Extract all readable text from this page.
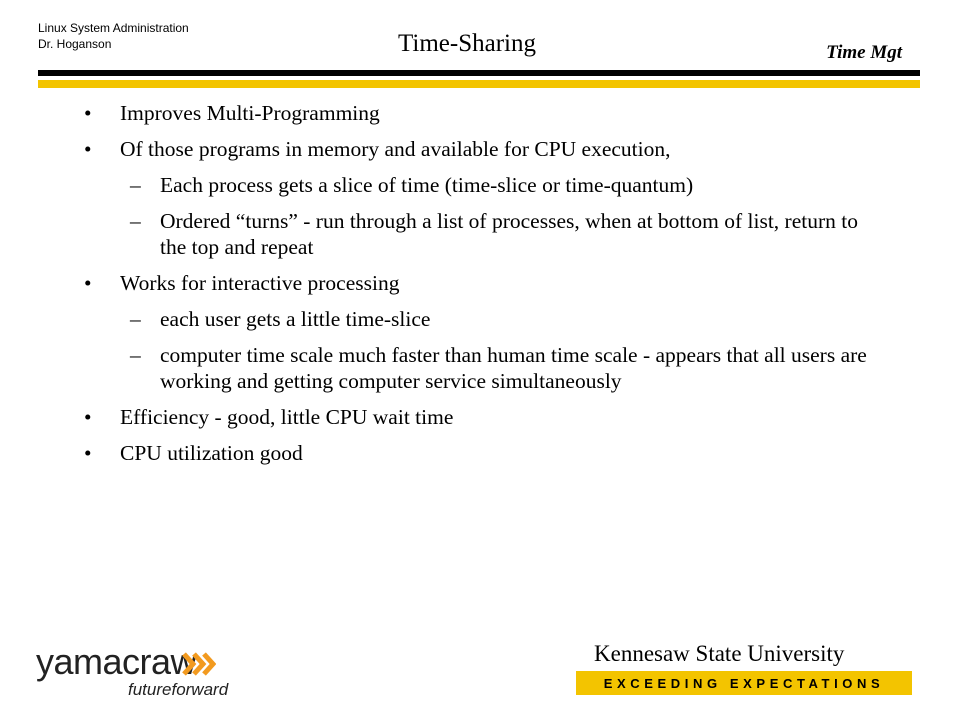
Linux System Administration
Dr. Hoganson	Time-Sharing	Time Mgt
• Improves Multi-Programming
• Of those programs in memory and available for CPU execution,
– Each process gets a slice of time (time-slice or time-quantum)
– Ordered “turns” - run through a list of processes, when at bottom of list, return to the top and repeat
• Works for interactive processing
– each user gets a little time-slice
– computer time scale much faster than human time scale - appears that all users are working and getting computer service simultaneously
• Efficiency - good, little CPU wait time
• CPU utilization good
yamacraw
futureforward
Kennesaw State University
EXCEEDING EXPECTATIONS
